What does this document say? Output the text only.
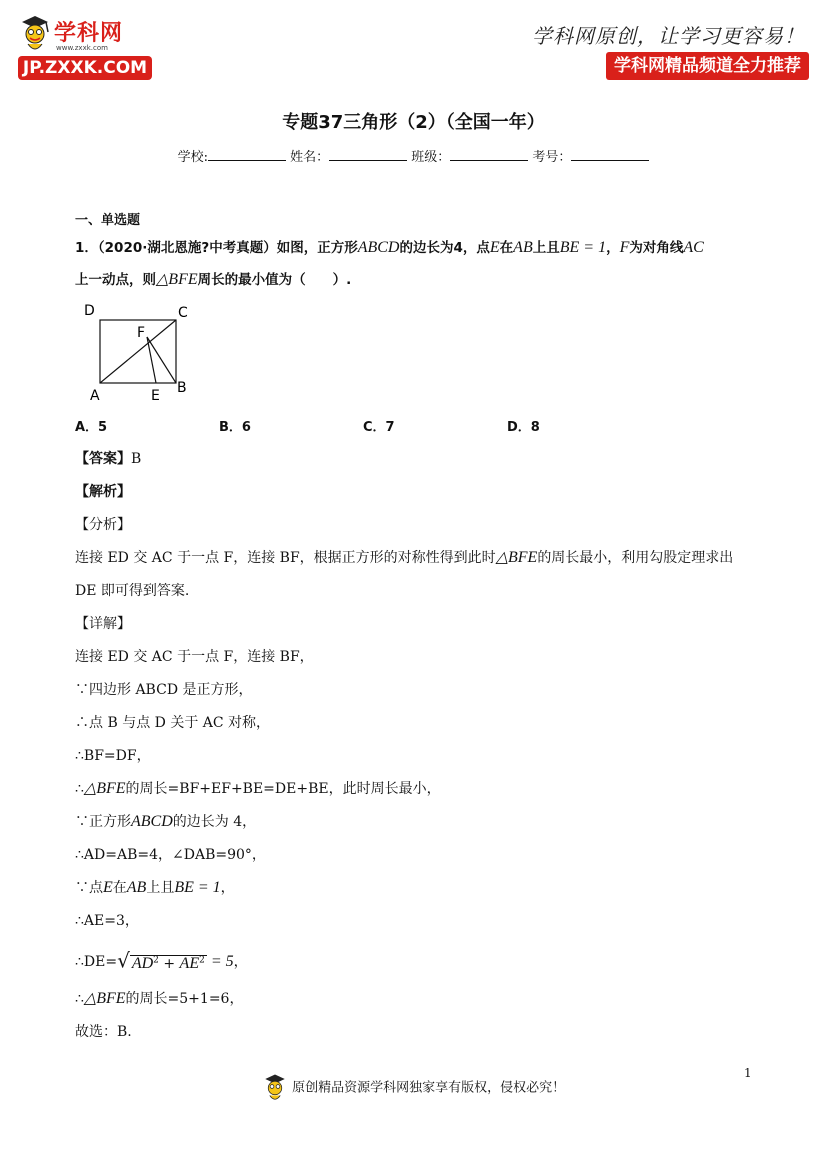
学科网
www.zxxk.com
JP.ZXXK.COM
学科网原创，让学习更容易！
学科网精品频道全力推荐
专题37三角形（2）（全国一年）
学校:	姓名：	班级：	考号：
一、单选题
1．（2020·湖北恩施?中考真题）如图，正方形ABCD的边长为4，点E在AB上且BE = 1，F为对角线AC
上一动点，则△BFE周长的最小值为（　　）.
D	C
F
A	E B
A．5	B．6	C．7	D．8
【答案】B
【解析】
【分析】
连接 ED 交 AC 于一点 F，连接 BF，根据正方形的对称性得到此时△BFE的周长最小，利用勾股定理求出
DE 即可得到答案.
【详解】
连接 ED 交 AC 于一点 F，连接 BF，
∵四边形 ABCD 是正方形，
∴点 B 与点 D 关于 AC 对称，
∴BF=DF，
∴△BFE的周长=BF+EF+BE=DE+BE，此时周长最小，
∵正方形ABCD的边长为 4，
∴AD=AB=4，∠DAB=90°，
∵点E在AB上且BE = 1，
∴AE=3，
∴DE=√ $AD^2 + AE^2 = 5$，
∴△BFE的周长=5+1=6，
故选：B.
1
原创精品资源学科网独家享有版权，侵权必究！
